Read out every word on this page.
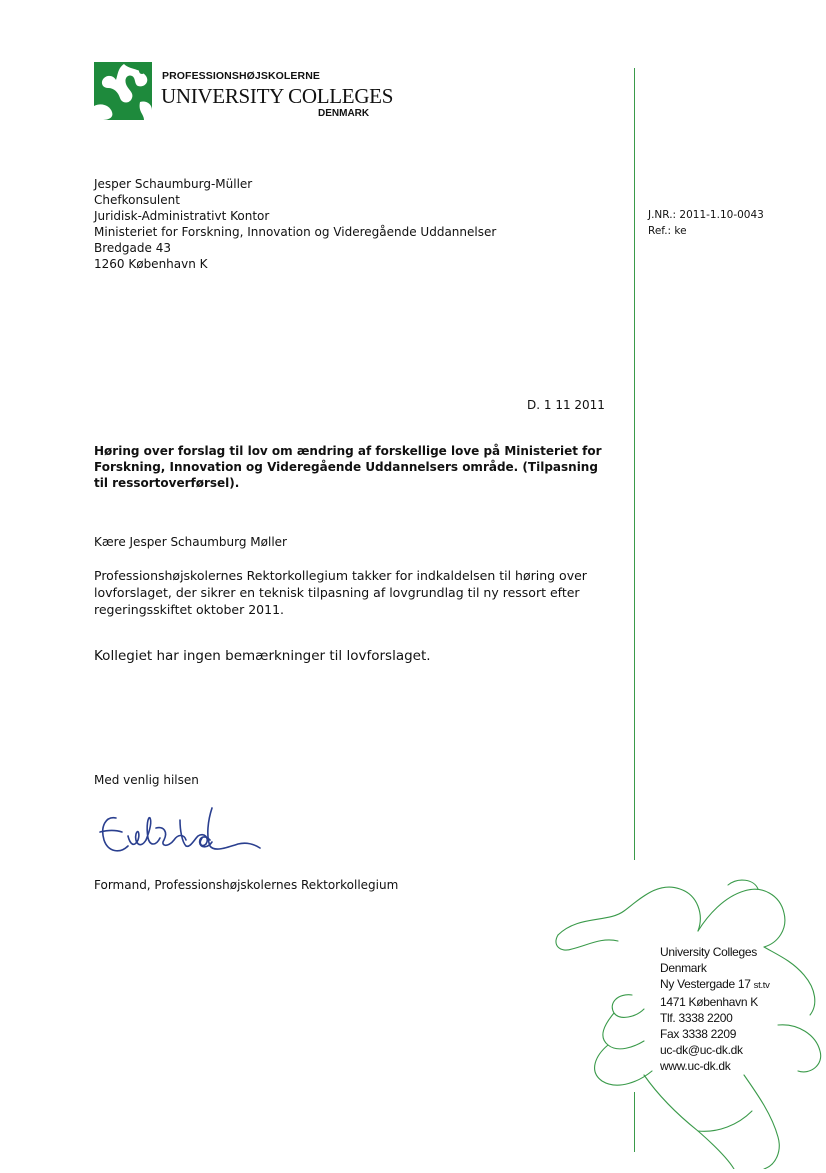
PROFESSIONSHØJSKOLERNE
UNIVERSITY COLLEGES
DENMARK
Jesper Schaumburg-Müller
Chefkonsulent
Juridisk-Administrativt Kontor
Ministeriet for Forskning, Innovation og Videregående Uddannelser
Bredgade 43
1260 København K
J.NR.: 2011-1.10-0043
Ref.: ke
D. 1 11 2011
Høring over forslag til lov om ændring af forskellige love på Ministeriet for Forskning, Innovation og Videregående Uddannelsers område. (Tilpasning til ressortoverførsel).
Kære Jesper Schaumburg Møller
Professionshøjskolernes Rektorkollegium takker for indkaldelsen til høring over lovforslaget, der sikrer en teknisk tilpasning af lovgrundlag til ny ressort efter regeringsskiftet oktober 2011.
Kollegiet har ingen bemærkninger til lovforslaget.
Med venlig hilsen
Formand, Professionshøjskolernes Rektorkollegium
University Colleges
Denmark
Ny Vestergade 17 st.tv
1471 København K
Tlf. 3338 2200
Fax 3338 2209
uc-dk@uc-dk.dk
www.uc-dk.dk
